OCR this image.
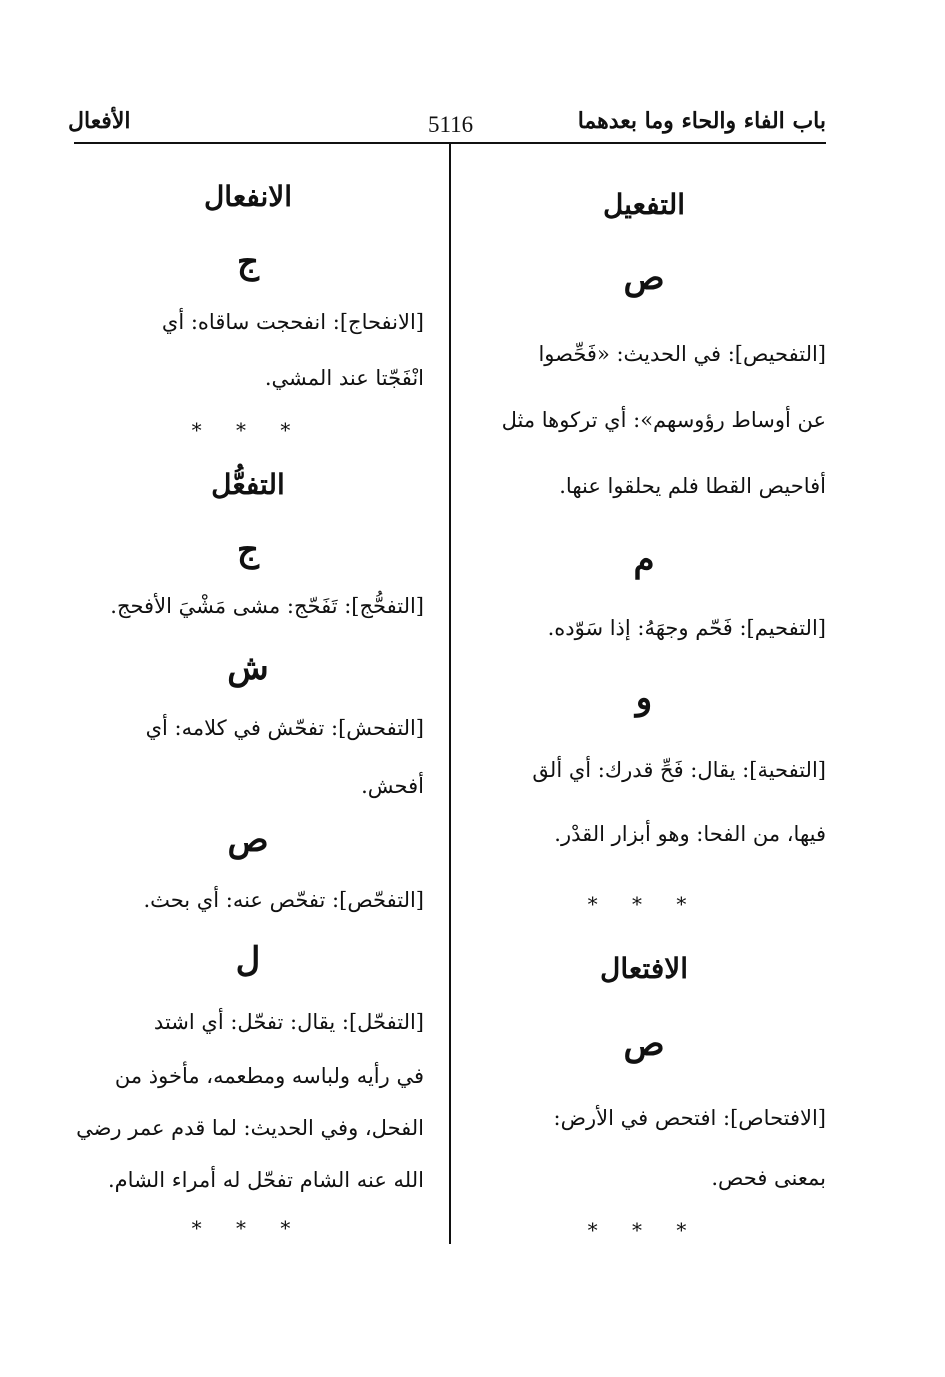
باب الفاء والحاء وما بعدهما
5116
الأفعال
التفعيل
ص
[التفحيص]: في الحديث: «فَحِّصوا
عن أوساط رؤوسهم»: أي تركوها مثل
أفاحيص القطا فلم يحلقوا عنها.
م
[التفحيم]: فَحّم وجهَهُ: إذا سَوّده.
و
[التفحية]: يقال: فَحِّ قدرك: أي ألق
فيها، من الفحا: وهو أبزار القدْر.
* * *
الافتعال
ص
[الافتحاص]: افتحص في الأرض:
بمعنى فحص.
* * *
الانفعال
ج
[الانفحاج]: انفحجت ساقاه: أي
انْفَجّتا عند المشي.
* * *
التفعُّل
ج
[التفحُّج]: تَفَحّج: مشى مَشْيَ الأفحج.
ش
[التفحش]: تفحّش في كلامه: أي
أفحش.
ص
[التفحّص]: تفحّص عنه: أي بحث.
ل
[التفحّل]: يقال: تفحّل: أي اشتد
في رأيه ولباسه ومطعمه، مأخوذ من
الفحل، وفي الحديث: لما قدم عمر رضي
الله عنه الشام تفحّل له أمراء الشام.
* * *
